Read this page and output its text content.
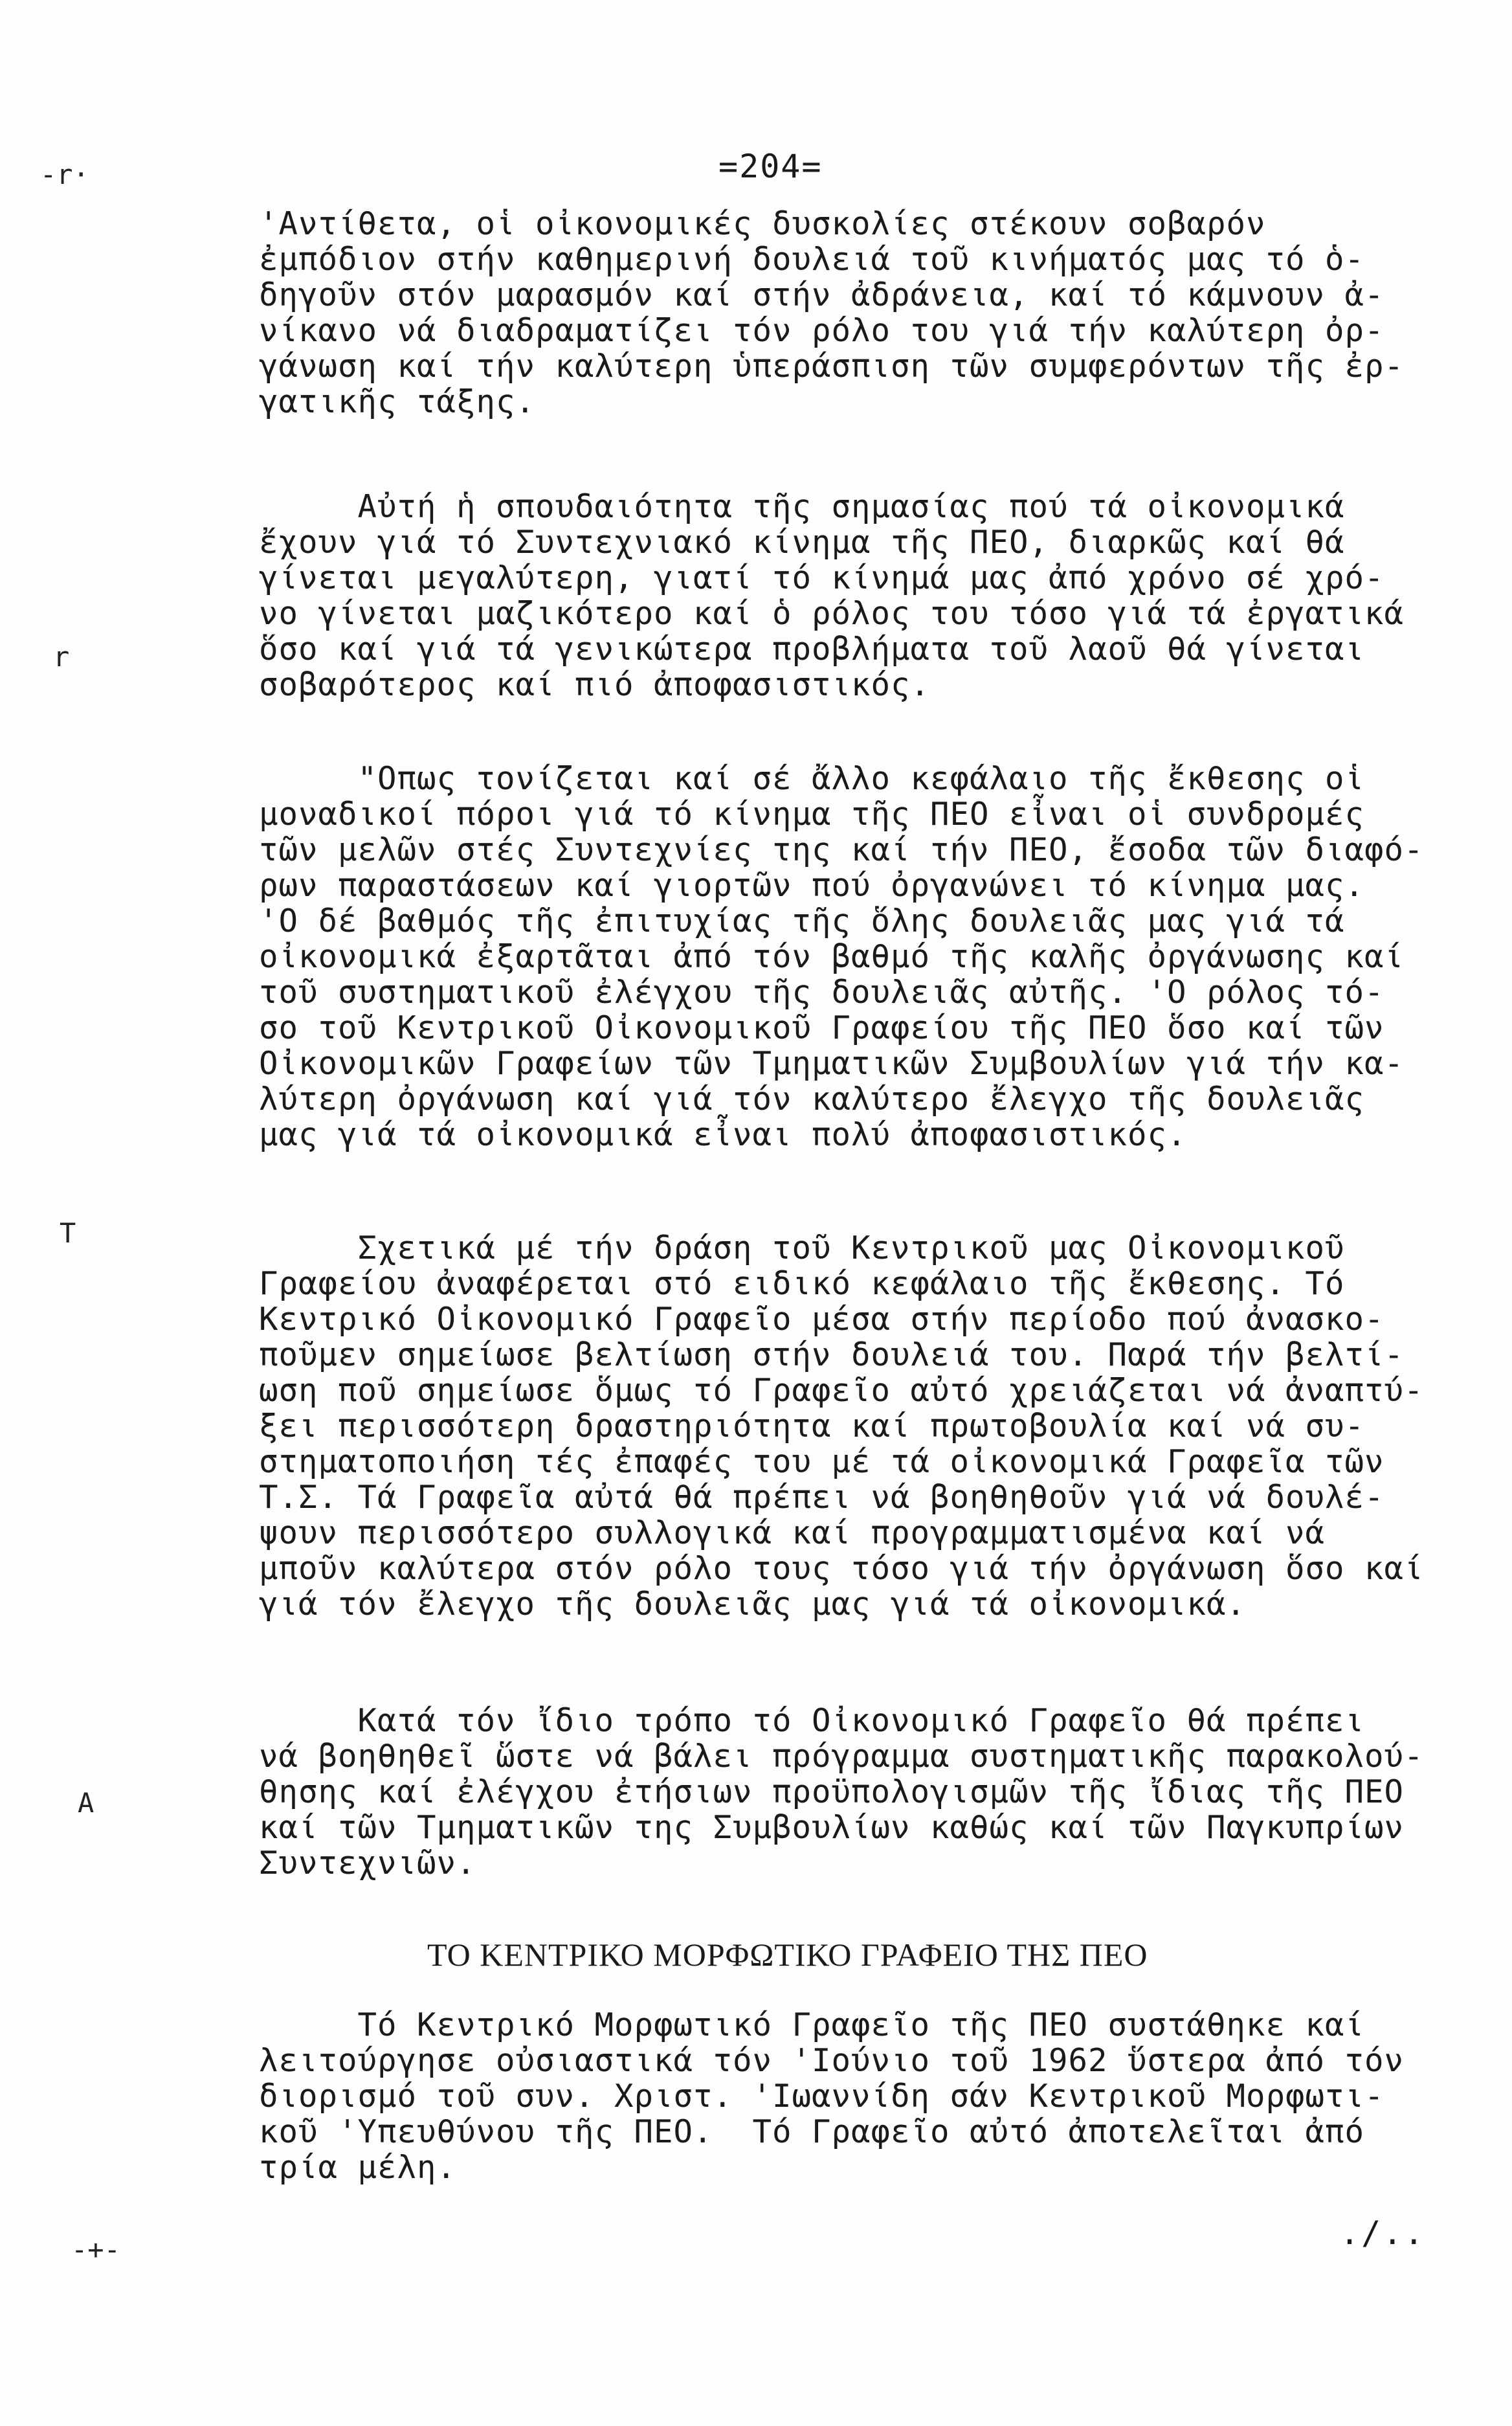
-r·
r
T
A
-+-
=204=
'Αντίθετα, οἱ οἰκονομικές δυσκολίες στέκουν σοβαρόν
ἐμπόδιον στήν καθημερινή δουλειά τοῦ κινήματός μας τό ὁ-
δηγοῦν στόν μαρασμόν καί στήν ἀδράνεια, καί τό κάμνουν ἀ-
νίκανο νά διαδραματίζει τόν ρόλο του γιά τήν καλύτερη ὀρ-
γάνωση καί τήν καλύτερη ὑπεράσπιση τῶν συμφερόντων τῆς ἐρ-
γατικῆς τάξης.
Αὐτή ἡ σπουδαιότητα τῆς σημασίας πού τά οἰκονομικά
ἔχουν γιά τό Συντεχνιακό κίνημα τῆς ΠΕΟ, διαρκῶς καί θά
γίνεται μεγαλύτερη, γιατί τό κίνημά μας ἀπό χρόνο σέ χρό-
νο γίνεται μαζικότερο καί ὁ ρόλος του τόσο γιά τά ἐργατικά
ὅσο καί γιά τά γενικώτερα προβλήματα τοῦ λαοῦ θά γίνεται
σοβαρότερος καί πιό ἀποφασιστικός.
"Οπως τονίζεται καί σέ ἄλλο κεφάλαιο τῆς ἔκθεσης οἱ
μοναδικοί πόροι γιά τό κίνημα τῆς ΠΕΟ εἶναι οἱ συνδρομές
τῶν μελῶν στές Συντεχνίες της καί τήν ΠΕΟ, ἔσοδα τῶν διαφό-
ρων παραστάσεων καί γιορτῶν πού ὀργανώνει τό κίνημα μας.
'Ο δέ βαθμός τῆς ἐπιτυχίας τῆς ὅλης δουλειᾶς μας γιά τά
οἰκονομικά ἐξαρτᾶται ἀπό τόν βαθμό τῆς καλῆς ὀργάνωσης καί
τοῦ συστηματικοῦ ἐλέγχου τῆς δουλειᾶς αὐτῆς. 'Ο ρόλος τό-
σο τοῦ Κεντρικοῦ Οἰκονομικοῦ Γραφείου τῆς ΠΕΟ ὅσο καί τῶν
Οἰκονομικῶν Γραφείων τῶν Τμηματικῶν Συμβουλίων γιά τήν κα-
λύτερη ὀργάνωση καί γιά τόν καλύτερο ἔλεγχο τῆς δουλειᾶς
μας γιά τά οἰκονομικά εἶναι πολύ ἀποφασιστικός.
Σχετικά μέ τήν δράση τοῦ Κεντρικοῦ μας Οἰκονομικοῦ
Γραφείου ἀναφέρεται στό ειδικό κεφάλαιο τῆς ἔκθεσης. Τό
Κεντρικό Οἰκονομικό Γραφεῖο μέσα στήν περίοδο πού ἀνασκο-
ποῦμεν σημείωσε βελτίωση στήν δουλειά του. Παρά τήν βελτί-
ωση ποῦ σημείωσε ὅμως τό Γραφεῖο αὐτό χρειάζεται νά ἀναπτύ-
ξει περισσότερη δραστηριότητα καί πρωτοβουλία καί νά συ-
στηματοποιήση τές ἐπαφές του μέ τά οἰκονομικά Γραφεῖα τῶν
Τ.Σ. Τά Γραφεῖα αὐτά θά πρέπει νά βοηθηθοῦν γιά νά δουλέ-
ψουν περισσότερο συλλογικά καί προγραμματισμένα καί νά
μποῦν καλύτερα στόν ρόλο τους τόσο γιά τήν ὀργάνωση ὅσο καί
γιά τόν ἔλεγχο τῆς δουλειᾶς μας γιά τά οἰκονομικά.
Κατά τόν ἴδιο τρόπο τό Οἰκονομικό Γραφεῖο θά πρέπει
νά βοηθηθεῖ ὥστε νά βάλει πρόγραμμα συστηματικῆς παρακολού-
θησης καί ἐλέγχου ἐτήσιων προϋπολογισμῶν τῆς ἴδιας τῆς ΠΕΟ
καί τῶν Τμηματικῶν της Συμβουλίων καθώς καί τῶν Παγκυπρίων
Συντεχνιῶν.
ΤΟ ΚΕΝΤΡΙΚΟ ΜΟΡΦΩΤΙΚΟ ΓΡΑΦΕΙΟ ΤΗΣ ΠΕΟ
Τό Κεντρικό Μορφωτικό Γραφεῖο τῆς ΠΕΟ συστάθηκε καί
λειτούργησε οὐσιαστικά τόν 'Ιούνιο τοῦ 1962 ὕστερα ἀπό τόν
διορισμό τοῦ συν. Χριστ. 'Ιωαννίδη σάν Κεντρικοῦ Μορφωτι-
κοῦ 'Υπευθύνου τῆς ΠΕΟ.  Τό Γραφεῖο αὐτό ἀποτελεῖται ἀπό
τρία μέλη.
./..
